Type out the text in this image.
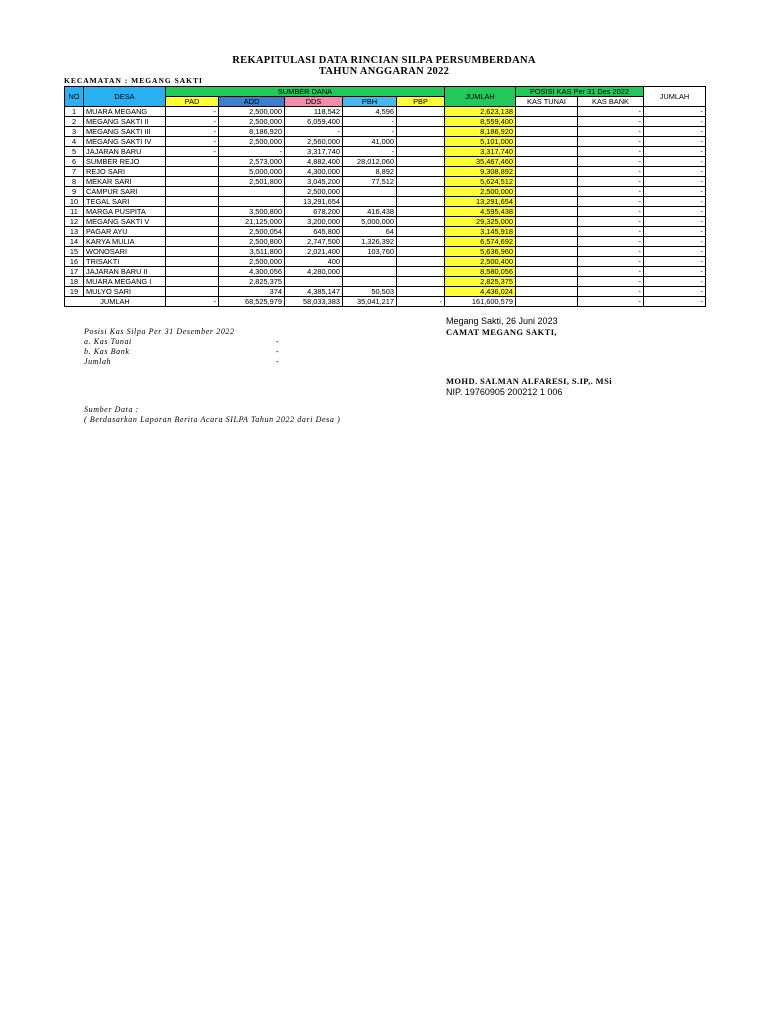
REKAPITULASI DATA RINCIAN SILPA PERSUMBERDANA
TAHUN ANGGARAN 2022
KECAMATAN : MEGANG SAKTI
NO	DESA	SUMBER DANA					JUMLAH	POSISI KAS Per 31 Des 2022		JUMLAH
		PAD	ADD	DDS	PBH	PBP		KAS TUNAI	KAS BANK	
1	MUARA MEGANG	-	2,500,000	118,542	4,596		2,623,138		-	-
2	MEGANG SAKTI II	-	2,500,000	6,059,400	-		8,559,400		-	-
3	MEGANG SAKTI III	-	8,186,920	-	-		8,186,920		-	-
4	MEGANG SAKTI IV	-	2,500,000	2,560,000	41,000		5,101,000		-	-
5	JAJARAN BARU	-	-	3,317,740	-		3,317,740		-	-
6	SUMBER REJO		2,573,000	4,882,400	28,012,060		35,467,460		-	-
7	REJO SARI		5,000,000	4,300,000	8,892		9,308,892		-	-
8	MEKAR SARI		2,501,800	3,045,200	77,512		5,624,512		-	-
9	CAMPUR SARI			2,500,000			2,500,000		-	-
10	TEGAL SARI			13,291,654			13,291,654		-	-
11	MARGA PUSPITA		3,500,800	678,200	416,438		4,595,438		-	-
12	MEGANG SAKTI V		21,125,000	3,200,000	5,000,000		29,325,000		-	-
13	PAGAR AYU		2,500,054	645,800	64		3,145,918		-	-
14	KARYA MULIA		2,500,800	2,747,500	1,326,392		6,574,692		-	-
15	WONOSARI		3,511,800	2,021,400	103,760		5,636,960		-	-
16	TRISAKTI		2,500,000	400			2,500,400		-	-
17	JAJARAN BARU II		4,300,056	4,280,000			8,580,056		-	-
18	MUARA MEGANG I		2,825,375				2,825,375		-	-
19	MULYO SARI		374	4,385,147	50,503		4,436,024		-	-
JUMLAH		-	68,525,979	58,033,383	35,041,217	-	161,600,579		-	-
Megang Sakti, 26 Juni 2023
CAMAT MEGANG SAKTI,
MOHD. SALMAN ALFARESI, S.IP,. MSi
NIP. 19760905 200212 1 006
Posisi Kas Silpa Per 31 Desember 2022
a. Kas Tunai	-
b. Kas Bank	-
Jumlah	-
Sumber Data :
( Berdasarkan Laporan Berita Acara SILPA Tahun 2022 dari Desa )
